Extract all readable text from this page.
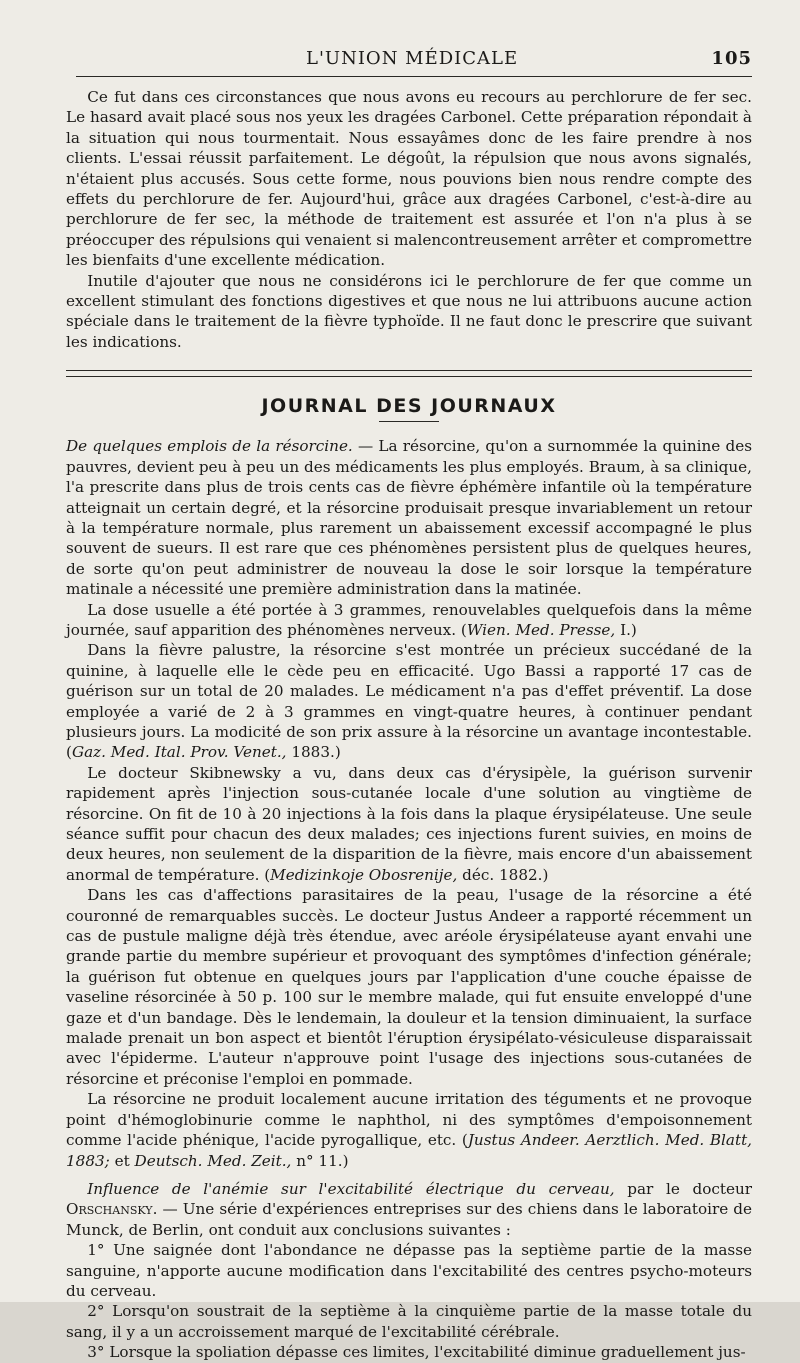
L'UNION MÉDICALE	105

Ce fut dans ces circonstances que nous avons eu recours au perchlorure de fer sec. Le hasard avait placé sous nos yeux les dragées Carbonel. Cette préparation répondait à la situation qui nous tourmentait. Nous essayâmes donc de les faire prendre à nos clients. L'essai réussit parfaitement. Le dégoût, la répulsion que nous avons signalés, n'étaient plus accusés. Sous cette forme, nous pouvions bien nous rendre compte des effets du perchlorure de fer. Aujourd'hui, grâce aux dragées Carbonel, c'est-à-dire au perchlorure de fer sec, la méthode de traitement est assurée et l'on n'a plus à se préoccuper des répulsions qui venaient si malencontreusement arrêter et compromettre les bienfaits d'une excellente médication.

Inutile d'ajouter que nous ne considérons ici le perchlorure de fer que comme un excellent stimulant des fonctions digestives et que nous ne lui attribuons aucune action spéciale dans le traitement de la fièvre typhoïde. Il ne faut donc le prescrire que suivant les indications.

JOURNAL DES JOURNAUX

De quelques emplois de la résorcine. — La résorcine, qu'on a surnommée la quinine des pauvres, devient peu à peu un des médicaments les plus employés. Braum, à sa clinique, l'a prescrite dans plus de trois cents cas de fièvre éphémère infantile où la température atteignait un certain degré, et la résorcine produisait presque invariablement un retour à la température normale, plus rarement un abaissement excessif accompagné le plus souvent de sueurs. Il est rare que ces phénomènes persistent plus de quelques heures, de sorte qu'on peut administrer de nouveau la dose le soir lorsque la température matinale a nécessité une première administration dans la matinée.

La dose usuelle a été portée à 3 grammes, renouvelables quelquefois dans la même journée, sauf apparition des phénomènes nerveux. (Wien. Med. Presse, I.)

Dans la fièvre palustre, la résorcine s'est montrée un précieux succédané de la quinine, à laquelle elle le cède peu en efficacité. Ugo Bassi a rapporté 17 cas de guérison sur un total de 20 malades. Le médicament n'a pas d'effet préventif. La dose employée a varié de 2 à 3 grammes en vingt-quatre heures, à continuer pendant plusieurs jours. La modicité de son prix assure à la résorcine un avantage incontestable. (Gaz. Med. Ital. Prov. Venet., 1883.)

Le docteur Skibnewsky a vu, dans deux cas d'érysipèle, la guérison survenir rapidement après l'injection sous-cutanée locale d'une solution au vingtième de résorcine. On fit de 10 à 20 injections à la fois dans la plaque érysipélateuse. Une seule séance suffit pour chacun des deux malades; ces injections furent suivies, en moins de deux heures, non seulement de la disparition de la fièvre, mais encore d'un abaissement anormal de température. (Medizinkoje Obosrenije, déc. 1882.)

Dans les cas d'affections parasitaires de la peau, l'usage de la résorcine a été couronné de remarquables succès. Le docteur Justus Andeer a rapporté récemment un cas de pustule maligne déjà très étendue, avec aréole érysipélateuse ayant envahi une grande partie du membre supérieur et provoquant des symptômes d'infection générale; la guérison fut obtenue en quelques jours par l'application d'une couche épaisse de vaseline résorcinée à 50 p. 100 sur le membre malade, qui fut ensuite enveloppé d'une gaze et d'un bandage. Dès le lendemain, la douleur et la tension diminuaient, la surface malade prenait un bon aspect et bientôt l'éruption érysipélato-vésiculeuse disparaissait avec l'épiderme. L'auteur n'approuve point l'usage des injections sous-cutanées de résorcine et préconise l'emploi en pommade.

La résorcine ne produit localement aucune irritation des téguments et ne provoque point d'hémoglobinurie comme le naphthol, ni des symptômes d'empoisonnement comme l'acide phénique, l'acide pyrogallique, etc. (Justus Andeer. Aerztlich. Med. Blatt, 1883; et Deutsch. Med. Zeit., n° 11.)

Influence de l'anémie sur l'excitabilité électrique du cerveau, par le docteur Orschansky. — Une série d'expériences entreprises sur des chiens dans le laboratoire de Munck, de Berlin, ont conduit aux conclusions suivantes :

1° Une saignée dont l'abondance ne dépasse pas la septième partie de la masse sanguine, n'apporte aucune modification dans l'excitabilité des centres psycho-moteurs du cerveau.

2° Lorsqu'on soustrait de la septième à la cinquième partie de la masse totale du sang, il y a un accroissement marqué de l'excitabilité cérébrale.

3° Lorsque la spoliation dépasse ces limites, l'excitabilité diminue graduellement jus-
